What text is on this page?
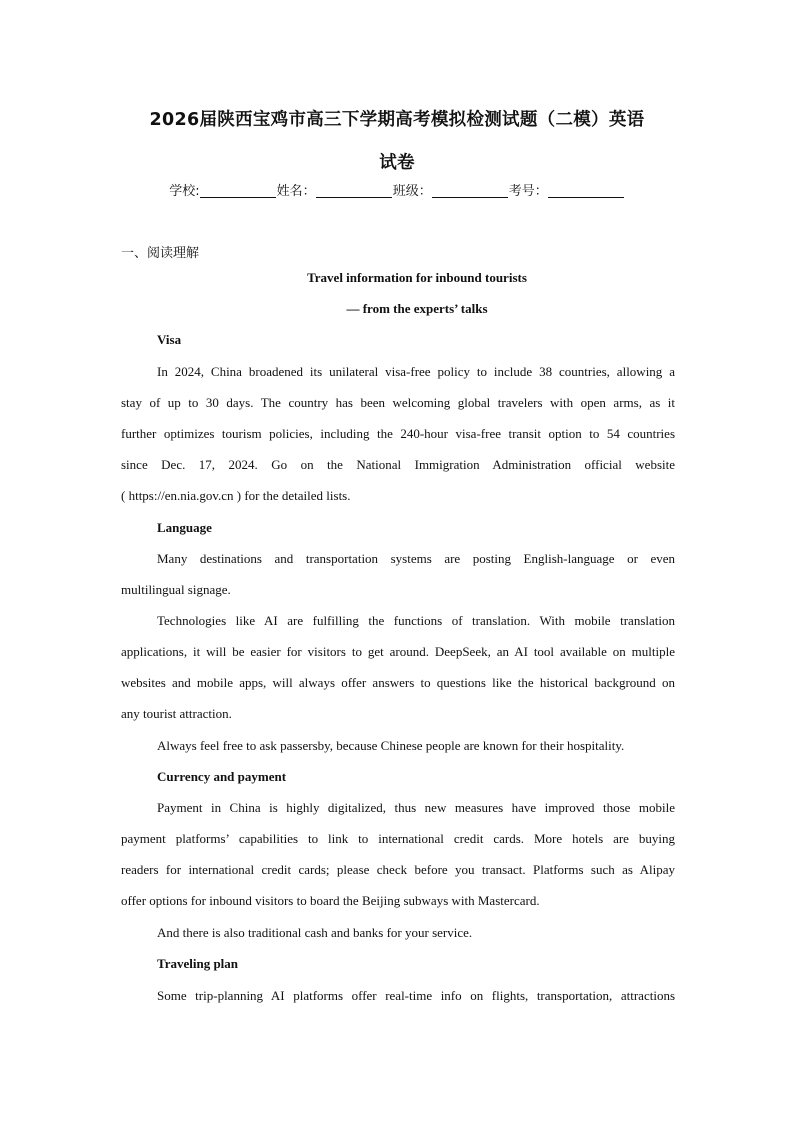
2026届陕西宝鸡市高三下学期高考模拟检测试题（二模）英语
试卷
学校:	姓名：	班级：	考号：
一、阅读理解
Travel information for inbound tourists
— from the experts’ talks
Visa
In 2024, China broadened its unilateral visa-free policy to include 38 countries, allowing a
stay of up to 30 days. The country has been welcoming global travelers with open arms, as it
further optimizes tourism policies, including the 240-hour visa-free transit option to 54 countries
since Dec. 17, 2024. Go on the National Immigration Administration official website
( https://en.nia.gov.cn ) for the detailed lists.
Language
Many destinations and transportation systems are posting English-language or even
multilingual signage.
Technologies like AI are fulfilling the functions of translation. With mobile translation
applications, it will be easier for visitors to get around. DeepSeek, an AI tool available on multiple
websites and mobile apps, will always offer answers to questions like the historical background on
any tourist attraction.
Always feel free to ask passersby, because Chinese people are known for their hospitality.
Currency and payment
Payment in China is highly digitalized, thus new measures have improved those mobile
payment platforms’ capabilities to link to international credit cards. More hotels are buying
readers for international credit cards; please check before you transact. Platforms such as Alipay
offer options for inbound visitors to board the Beijing subways with Mastercard.
And there is also traditional cash and banks for your service.
Traveling plan
Some trip-planning AI platforms offer real-time info on flights, transportation, attractions
